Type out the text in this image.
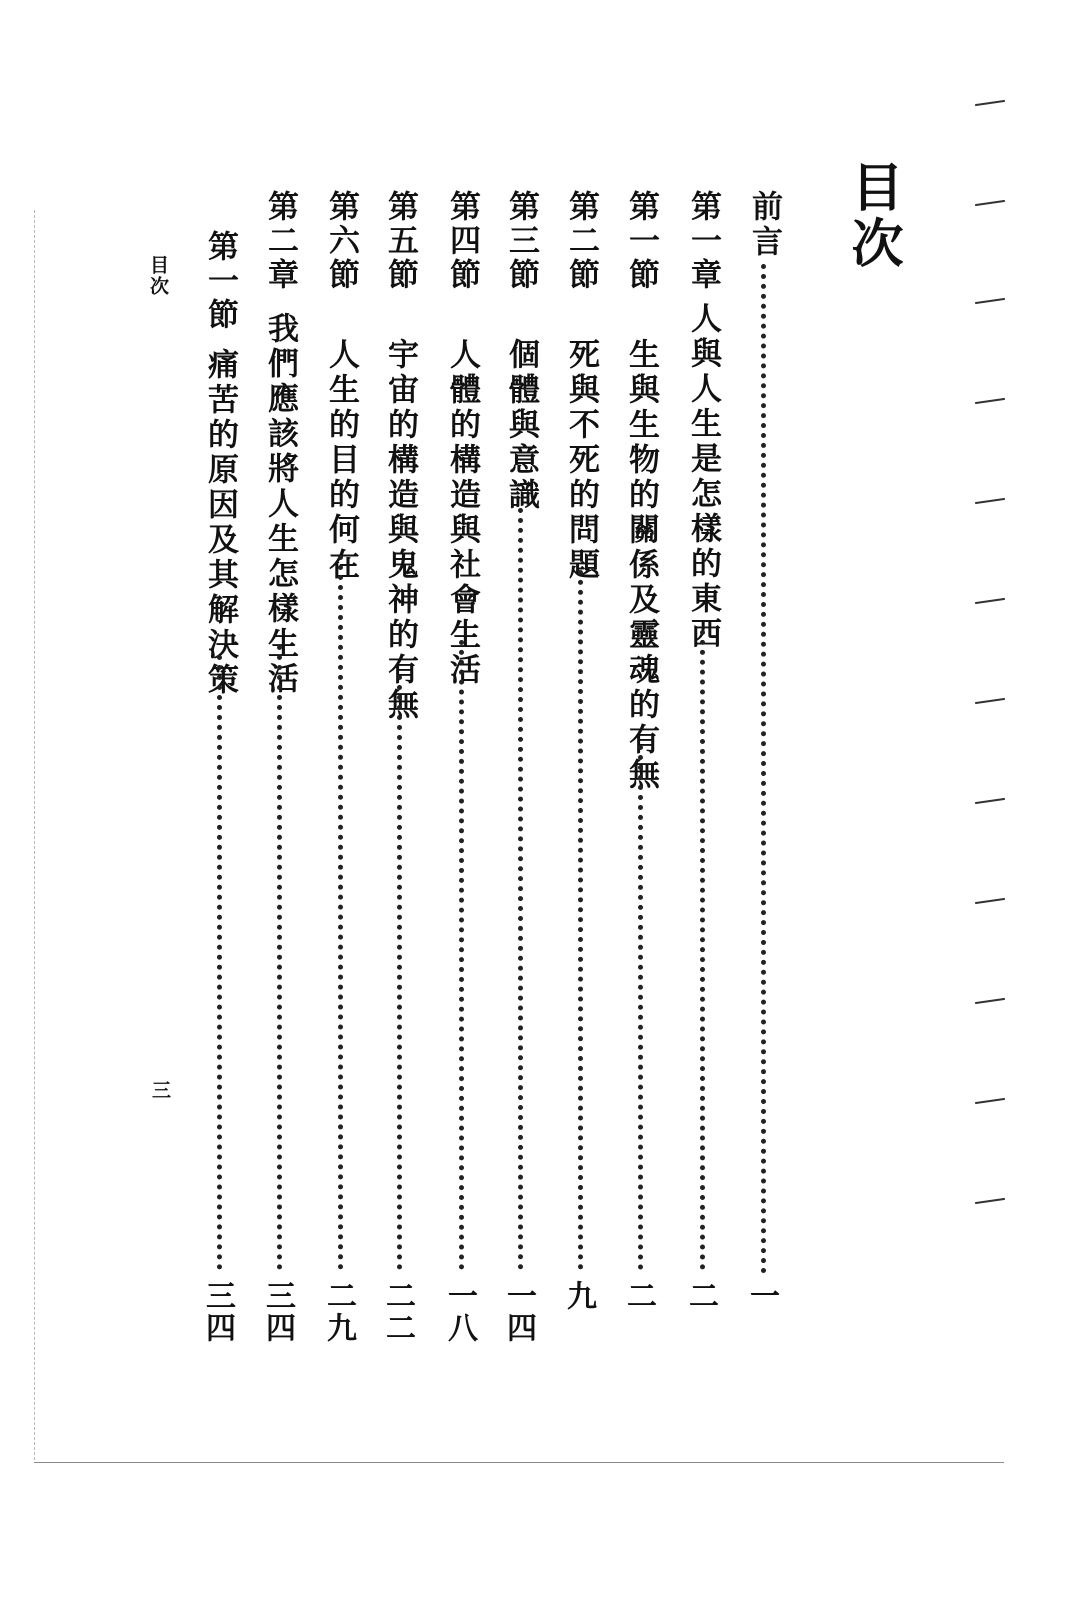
目次
前言
一
第一章
人與人生是怎樣的東西
二
第一節
生與生物的關係及靈魂的有無
二
第二節
死與不死的問題
九
第三節
個體與意識
一四
第四節
人體的構造與社會生活
一八
第五節
宇宙的構造與鬼神的有無
二二
第六節
人生的目的何在
二九
第二章
我們應該將人生怎樣生活
三四
第一節
痛苦的原因及其解決策
三四
目次
三
